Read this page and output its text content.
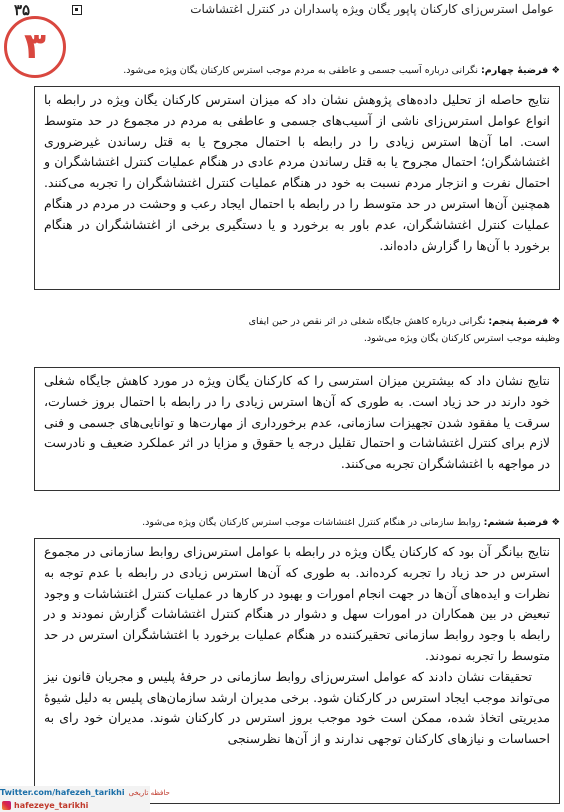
۳۵	عوامل استرس‌زای کارکنان پاپور یگان ویژه پاسداران در کنترل اغتشاشات
۳
❖ فرضیهٔ چهارم: نگرانی درباره آسیب جسمی و عاطفی به مردم موجب استرس کارکنان یگان ویژه می‌شود.

نتایج حاصله از تحلیل داده‌های پژوهش نشان داد که میزان استرس کارکنان یگان ویژه در رابطه با انواع عوامل استرس‌زای ناشی از آسیب‌های جسمی و عاطفی به مردم در مجموع در حد متوسط است. اما آن‌ها استرس زیادی را در رابطه با احتمال مجروح یا به قتل رساندن غیرضروری اغتشاشگران؛ احتمال مجروح یا به قتل رساندن مردم عادی در هنگام عملیات کنترل اغتشاشگران و احتمال نفرت و انزجار مردم نسبت به خود در هنگام عملیات کنترل اغتشاشگران را تجربه می‌کنند. همچنین آن‌ها استرس در حد متوسط را در رابطه با احتمال ایجاد رعب و وحشت در مردم در هنگام عملیات کنترل اغتشاشگران، عدم باور به برخورد و یا دستگیری برخی از اغتشاشگران در هنگام برخورد با آن‌ها را گزارش داده‌اند.

❖ فرضیهٔ پنجم: نگرانی درباره کاهش جایگاه شغلی در اثر نقص در حین ایفای وظیفه موجب استرس کارکنان یگان ویژه می‌شود.

نتایج نشان داد که بیشترین میزان استرسی را که کارکنان یگان ویژه در مورد کاهش جایگاه شغلی خود دارند در حد زیاد است. به طوری که آن‌ها استرس زیادی را در رابطه با احتمال بروز خسارت، سرقت یا مفقود شدن تجهیزات سازمانی، عدم برخورداری از مهارت‌ها و توانایی‌های جسمی و فنی لازم برای کنترل اغتشاشات و احتمال تقلیل درجه یا حقوق و مزایا در اثر عملکرد ضعیف و نادرست در مواجهه با اغتشاشگران تجربه می‌کنند.

❖ فرضیهٔ ششم: روابط سازمانی در هنگام کنترل اغتشاشات موجب استرس کارکنان یگان ویژه می‌شود.

نتایج بیانگر آن بود که کارکنان یگان ویژه در رابطه با عوامل استرس‌زای روابط سازمانی در مجموع استرس در حد زیاد را تجربه کرده‌اند. به طوری که آن‌ها استرس زیادی در رابطه با عدم توجه به نظرات و ایده‌های آن‌ها در جهت انجام امورات و بهبود در کارها در عملیات کنترل اغتشاشات و وجود تبعیض در بین همکاران در امورات سهل و دشوار در هنگام کنترل اغتشاشات گزارش نمودند و در رابطه با وجود روابط سازمانی تحقیرکننده در هنگام عملیات برخورد با اغتشاشگران استرس در حد متوسط را تجربه نمودند.

تحقیقات نشان دادند که عوامل استرس‌زای روابط سازمانی در حرفهٔ پلیس و مجریان قانون نیز می‌تواند موجب ایجاد استرس در کارکنان شود. برخی مدیران ارشد سازمان‌های پلیس به دلیل شیوهٔ مدیریتی اتخاذ شده، ممکن است خود موجب بروز استرس در کارکنان شوند. مدیران خود رای به احساسات و نیازهای کارکنان توجهی ندارند و از آن‌ها نظرسنجی

Twitter.com/hafezeh_tarikhi حافظه تاریخی
hafezeye_tarikhi
